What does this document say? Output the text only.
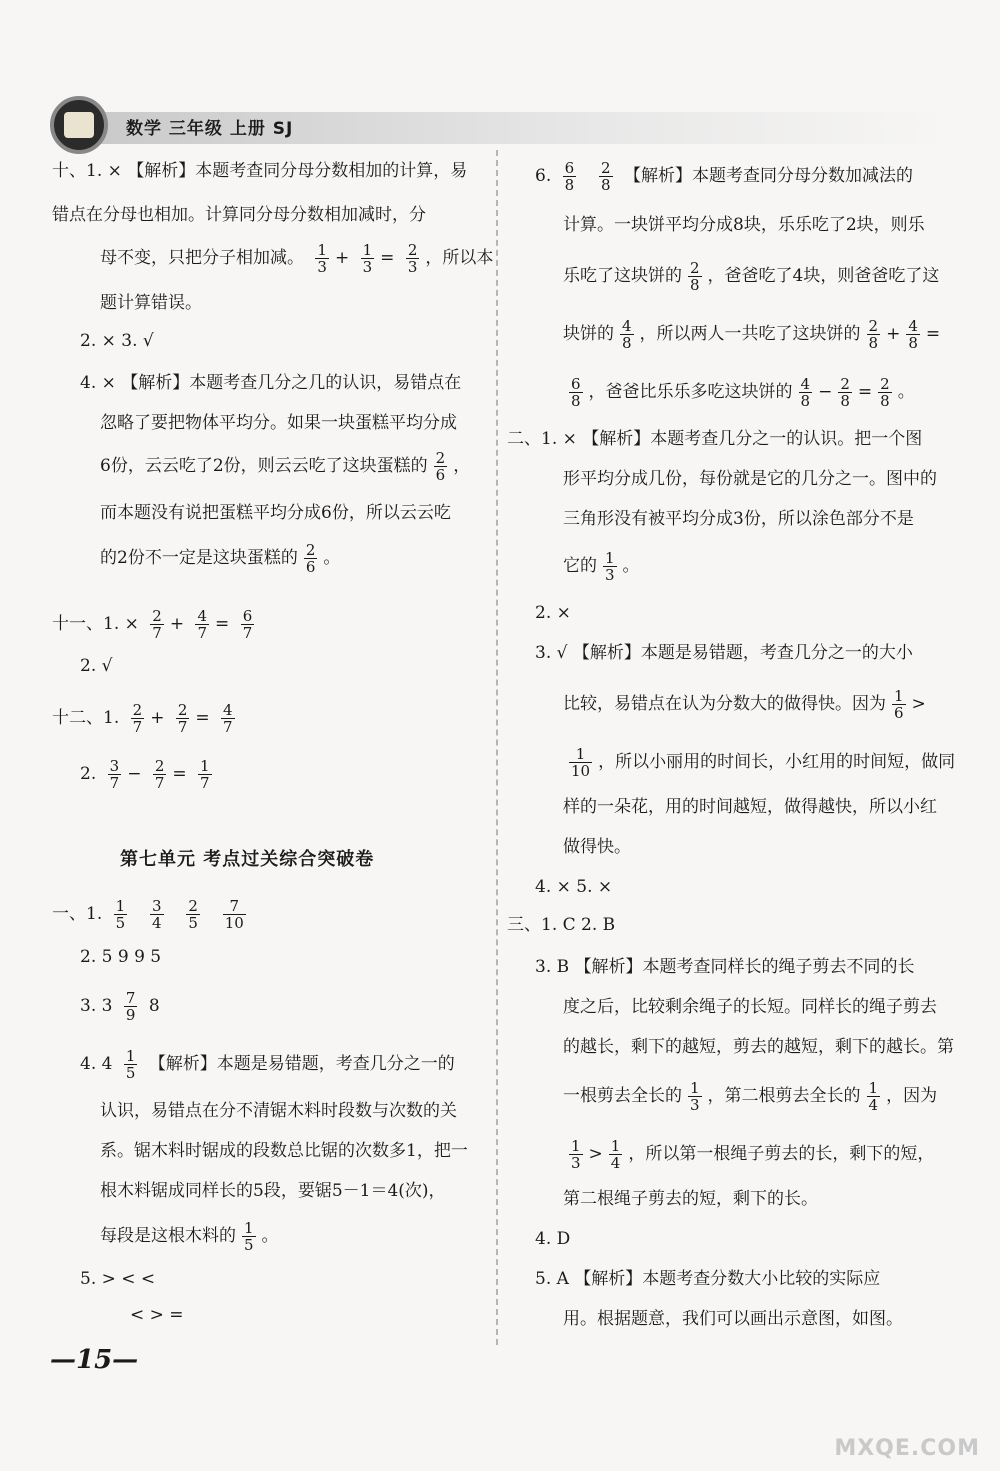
数学 三年级 上册 SJ
十、1. × 【解析】本题考查同分母分数相加的计算，易
错点在分母也相加。计算同分母分数相加减时，分
母不变，只把分子相加减。 $\frac{1}{3} + \frac{1}{3} = \frac{2}{3}$ ，所以本
题计算错误。
2. × 3. √
4. × 【解析】本题考查几分之几的认识，易错点在
忽略了要把物体平均分。如果一块蛋糕平均分成
6份，云云吃了2份，则云云吃了这块蛋糕的 $\frac{2}{6}$ ，
而本题没有说把蛋糕平均分成6份，所以云云吃
的2份不一定是这块蛋糕的 $\frac{2}{6}$ 。
十一、1. × $\frac{2}{7} + \frac{4}{7} = \frac{6}{7}$
2. √
十二、1. $\frac{2}{7} + \frac{2}{7} = \frac{4}{7}$
2. $\frac{3}{7} - \frac{2}{7} = \frac{1}{7}$
第七单元 考点过关综合突破卷
一、1. $\frac{1}{5}$
$\frac{3}{4}$
$\frac{2}{5}$
$\frac{7}{10}$
2. 5 9 9 5
3. $3 \frac{7}{9} 8$
4. $4 \frac{1}{5}$ 【解析】本题是易错题，考查几分之一的
认识，易错点在分不清锯木料时段数与次数的关
系。锯木料时锯成的段数总比锯的次数多1，把一
根木料锯成同样长的5段，要锯5－1＝4(次)，
每段是这根木料的 $\frac{1}{5}$ 。
5. > < <
< > =
—15—
6. $\frac{6}{8}$
$\frac{2}{8}$ 【解析】本题考查同分母分数加减法的
计算。一块饼平均分成8块，乐乐吃了2块，则乐
乐吃了这块饼的 $\frac{2}{8}$ ，爸爸吃了4块，则爸爸吃了这
块饼的 $\frac{4}{8}$ ，所以两人一共吃了这块饼的 $\frac{2}{8} + \frac{4}{8}$ =
$\frac{6}{8}$ ，爸爸比乐乐多吃这块饼的 $\frac{4}{8} - \frac{2}{8} = \frac{2}{8}$ 。
二、1. × 【解析】本题考查几分之一的认识。把一个图
形平均分成几份，每份就是它的几分之一。图中的
三角形没有被平均分成3份，所以涂色部分不是
它的 $\frac{1}{3}$ 。
2. ×
3. √ 【解析】本题是易错题，考查几分之一的大小
比较，易错点在认为分数大的做得快。因为 $\frac{1}{6}$ >
$\frac{1}{10}$ ，所以小丽用的时间长，小红用的时间短，做同
样的一朵花，用的时间越短，做得越快，所以小红
做得快。
4. × 5. ×
三、1. C 2. B
3. B 【解析】本题考查同样长的绳子剪去不同的长
度之后，比较剩余绳子的长短。同样长的绳子剪去
的越长，剩下的越短，剪去的越短，剩下的越长。第
一根剪去全长的 $\frac{1}{3}$ ，第二根剪去全长的 $\frac{1}{4}$ ，因为
$\frac{1}{3} > \frac{1}{4}$ ，所以第一根绳子剪去的长，剩下的短，
第二根绳子剪去的短，剩下的长。
4. D
5. A 【解析】本题考查分数大小比较的实际应
用。根据题意，我们可以画出示意图，如图。
MXQE.COM
